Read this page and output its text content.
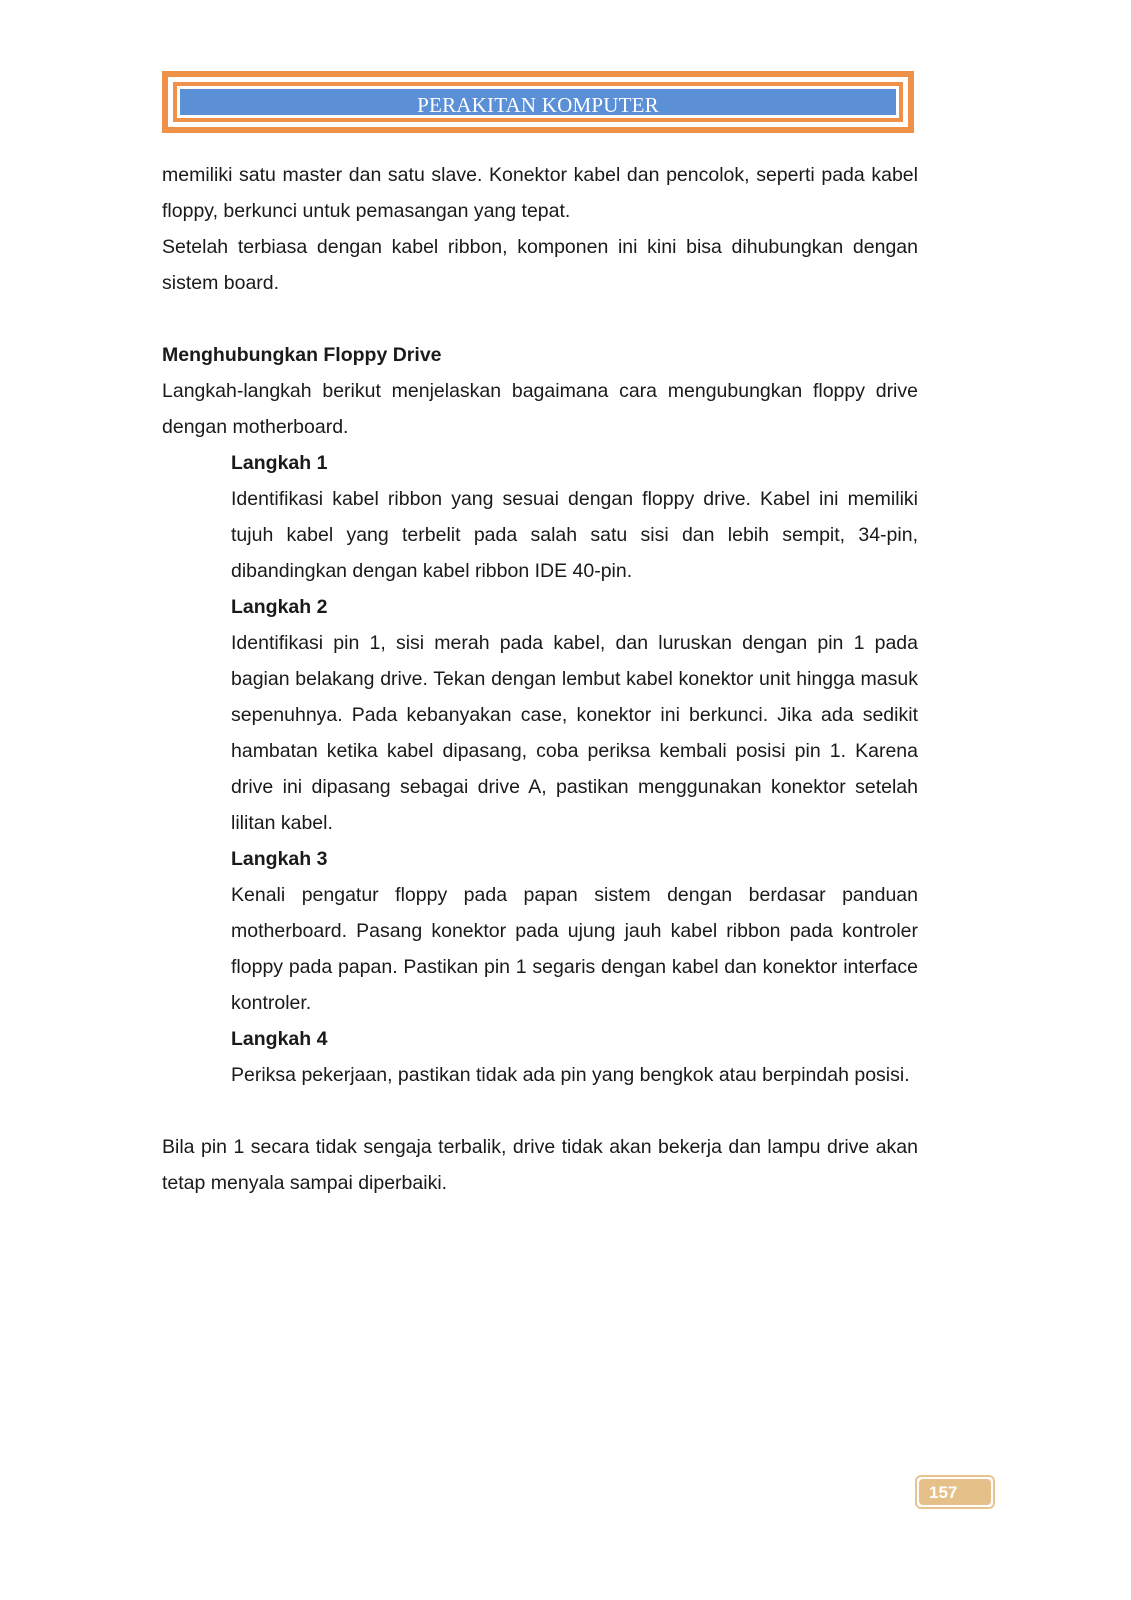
PERAKITAN KOMPUTER

memiliki satu master dan satu slave. Konektor kabel dan pencolok, seperti pada kabel floppy, berkunci untuk pemasangan yang tepat.

Setelah terbiasa dengan kabel ribbon, komponen ini kini bisa dihubungkan dengan sistem board.

Menghubungkan Floppy Drive

Langkah-langkah berikut menjelaskan bagaimana cara mengubungkan floppy drive dengan motherboard.

Langkah 1

Identifikasi kabel ribbon yang sesuai dengan floppy drive. Kabel ini memiliki tujuh kabel yang terbelit pada salah satu sisi dan lebih sempit, 34-pin, dibandingkan dengan kabel ribbon IDE 40-pin.

Langkah 2

Identifikasi pin 1, sisi merah pada kabel, dan luruskan dengan pin 1 pada bagian belakang drive. Tekan dengan lembut kabel konektor unit hingga masuk sepenuhnya. Pada kebanyakan case, konektor ini berkunci. Jika ada sedikit hambatan ketika kabel dipasang, coba periksa kembali posisi pin 1. Karena drive ini dipasang sebagai drive A, pastikan menggunakan konektor setelah lilitan kabel.

Langkah 3

Kenali pengatur floppy pada papan sistem dengan berdasar panduan motherboard. Pasang konektor pada ujung jauh kabel ribbon pada kontroler floppy pada papan. Pastikan pin 1 segaris dengan kabel dan konektor interface kontroler.

Langkah 4

Periksa pekerjaan, pastikan tidak ada pin yang bengkok atau berpindah posisi.

Bila pin 1 secara tidak sengaja terbalik, drive tidak akan bekerja dan lampu drive akan tetap menyala sampai diperbaiki.

157
